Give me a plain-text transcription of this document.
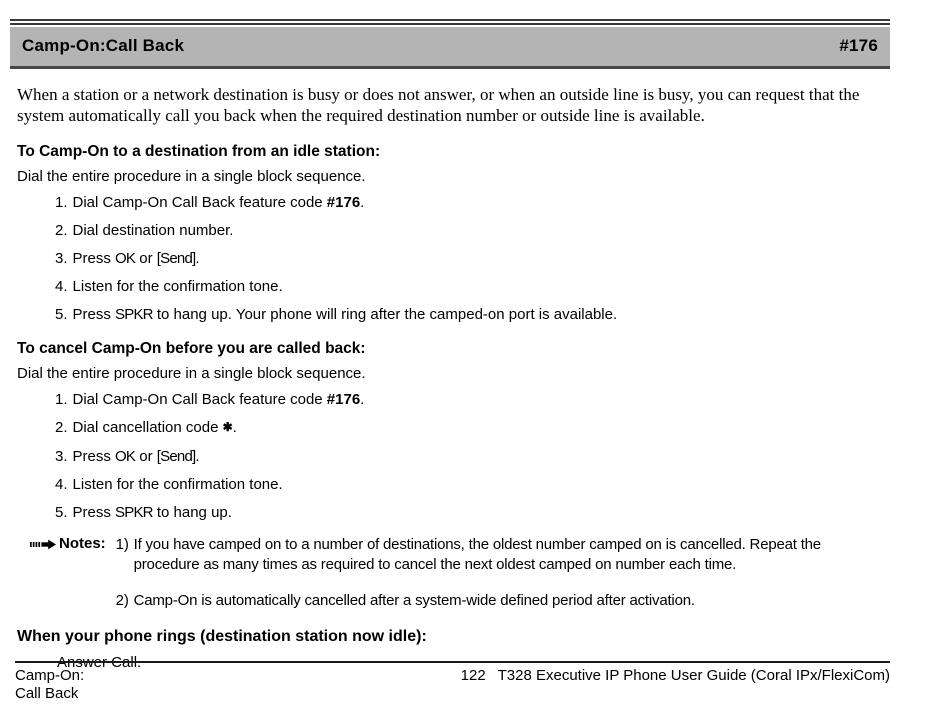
Camp-On:Call Back	#176

When a station or a network destination is busy or does not answer, or when an outside line is busy, you can request that the system automatically call you back when the required destination number or outside line is available.

To Camp-On to a destination from an idle station:
Dial the entire procedure in a single block sequence.
1. Dial Camp-On Call Back feature code #176.
2. Dial destination number.
3. Press OK or [Send].
4. Listen for the confirmation tone.
5. Press SPKR to hang up. Your phone will ring after the camped-on port is available.
To cancel Camp-On before you are called back:
Dial the entire procedure in a single block sequence.
1. Dial Camp-On Call Back feature code #176.
2. Dial cancellation code ✱.
3. Press OK or [Send].
4. Listen for the confirmation tone.
5. Press SPKR to hang up.
Notes: 1) If you have camped on to a number of destinations, the oldest number camped on is cancelled. Repeat the procedure as many times as required to cancel the next oldest camped on number each time.
2) Camp-On is automatically cancelled after a system-wide defined period after activation.
When your phone rings (destination station now idle):
Answer Call.
Camp-On:
Call Back
122 T328 Executive IP Phone User Guide (Coral IPx/FlexiCom)
